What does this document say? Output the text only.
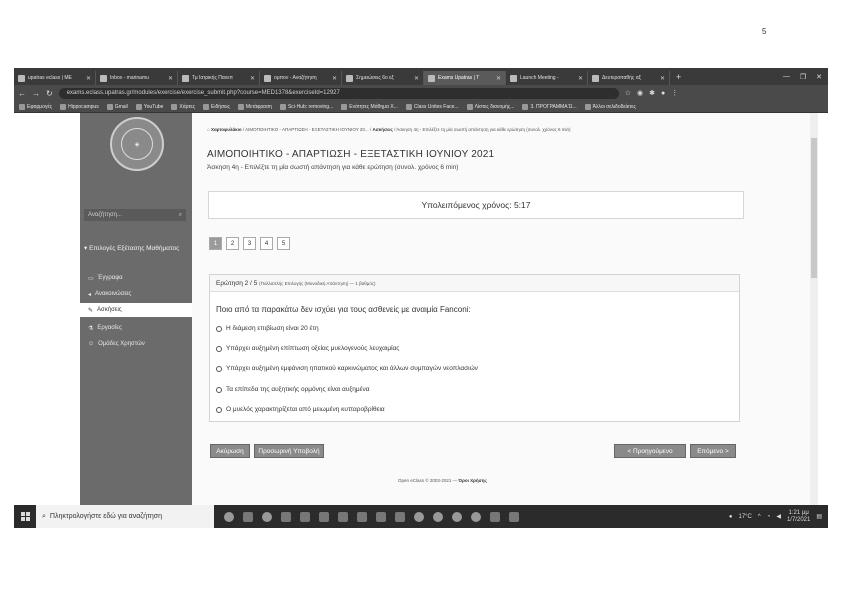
5
upatras eclass | ME ✕	Inbox - marinamu	✕	Τμ Ιατρικής Πανεπ	✕	ομπον - Αναζήτηση	✕	Σημειώσεις 6ο εξ	✕	Exams Upatras | Τ	✕	Launch Meeting -	✕	Δευτεροπαθής αξ	✕	+	— ❐ ✕
← → ↻	exams.eclass.upatras.gr/modules/exercise/exercise_submit.php?course=MED1378&exerciseId=12927	☆ ◉ ✱ ● ⋮
Εφαρμογές	Hippocampus	Gmail	YouTube	Χάρτες	Ειδήσεις	Μετάφραση	Sci-Hub: removing...	Ενότητες Μάθημα Χ...	Class Unites Face...	Λίστες διανομής...	3. ΠΡΟΓΡΑΜΜΑ Ώ...	Άλλοι σελιδοδείκτες
◈
Αναζήτηση...	⌕
▾ Επιλογές Εξέτασης Μαθήματος
▭ Έγγραφα
◂ Ανακοινώσεις
✎ Ασκήσεις
⚗ Εργασίες
☺ Ομάδες Χρηστών
⌂ Χαρτοφυλάκιο / ΑΙΜΟΠΟΙΗΤΙΚΟ - ΑΠΑΡΤΙΩΣΗ - ΕΞΕΤΑΣΤΙΚΗ ΙΟΥΝΙΟΥ 20... / Ασκήσεις / Άσκηση 4η - Επιλέξτε τη μία σωστή απάντηση για κάθε ερώτηση (συνολ. χρόνος 6 min)
ΑΙΜΟΠΟΙΗΤΙΚΟ - ΑΠΑΡΤΙΩΣΗ - ΕΞΕΤΑΣΤΙΚΗ ΙΟΥΝΙΟΥ 2021
Άσκηση 4η - Επιλέξτε τη μία σωστή απάντηση για κάθε ερώτηση (συνολ. χρόνος 6 min)
Υπολειπόμενος χρόνος: 5:17
1	2	3	4	5
Ερώτηση 2 / 5 (Πολλαπλής Επιλογής (Μοναδική Απάντηση) — 1 βαθμός)
Ποιο από τα παρακάτω δεν ισχύει για τους ασθενείς με αναιμία Fanconi:
Η διάμεση επιβίωση είναι 20 έτη
Υπάρχει αυξημένη επίπτωση οξείας μυελογενούς λευχαιμίας
Υπάρχει αυξημένη εμφάνιση ηπατικού καρκινώματος και άλλων συμπαγών νεοπλασιών
Τα επίπεδα της αυξητικής ορμόνης είναι αυξημένα
Ο μυελός χαρακτηρίζεται από μειωμένη κυτταροβρίθεια
Ακύρωση	Προσωρινή Υποβολή	< Προηγούμενο	Επόμενο >
Open eClass © 2003-2021 — Όροι Χρήσης
⌕ Πληκτρολογήστε εδώ για αναζήτηση	● 17°C ^ ◔ ◀
1:21 μμ
1/7/2021 ▤
